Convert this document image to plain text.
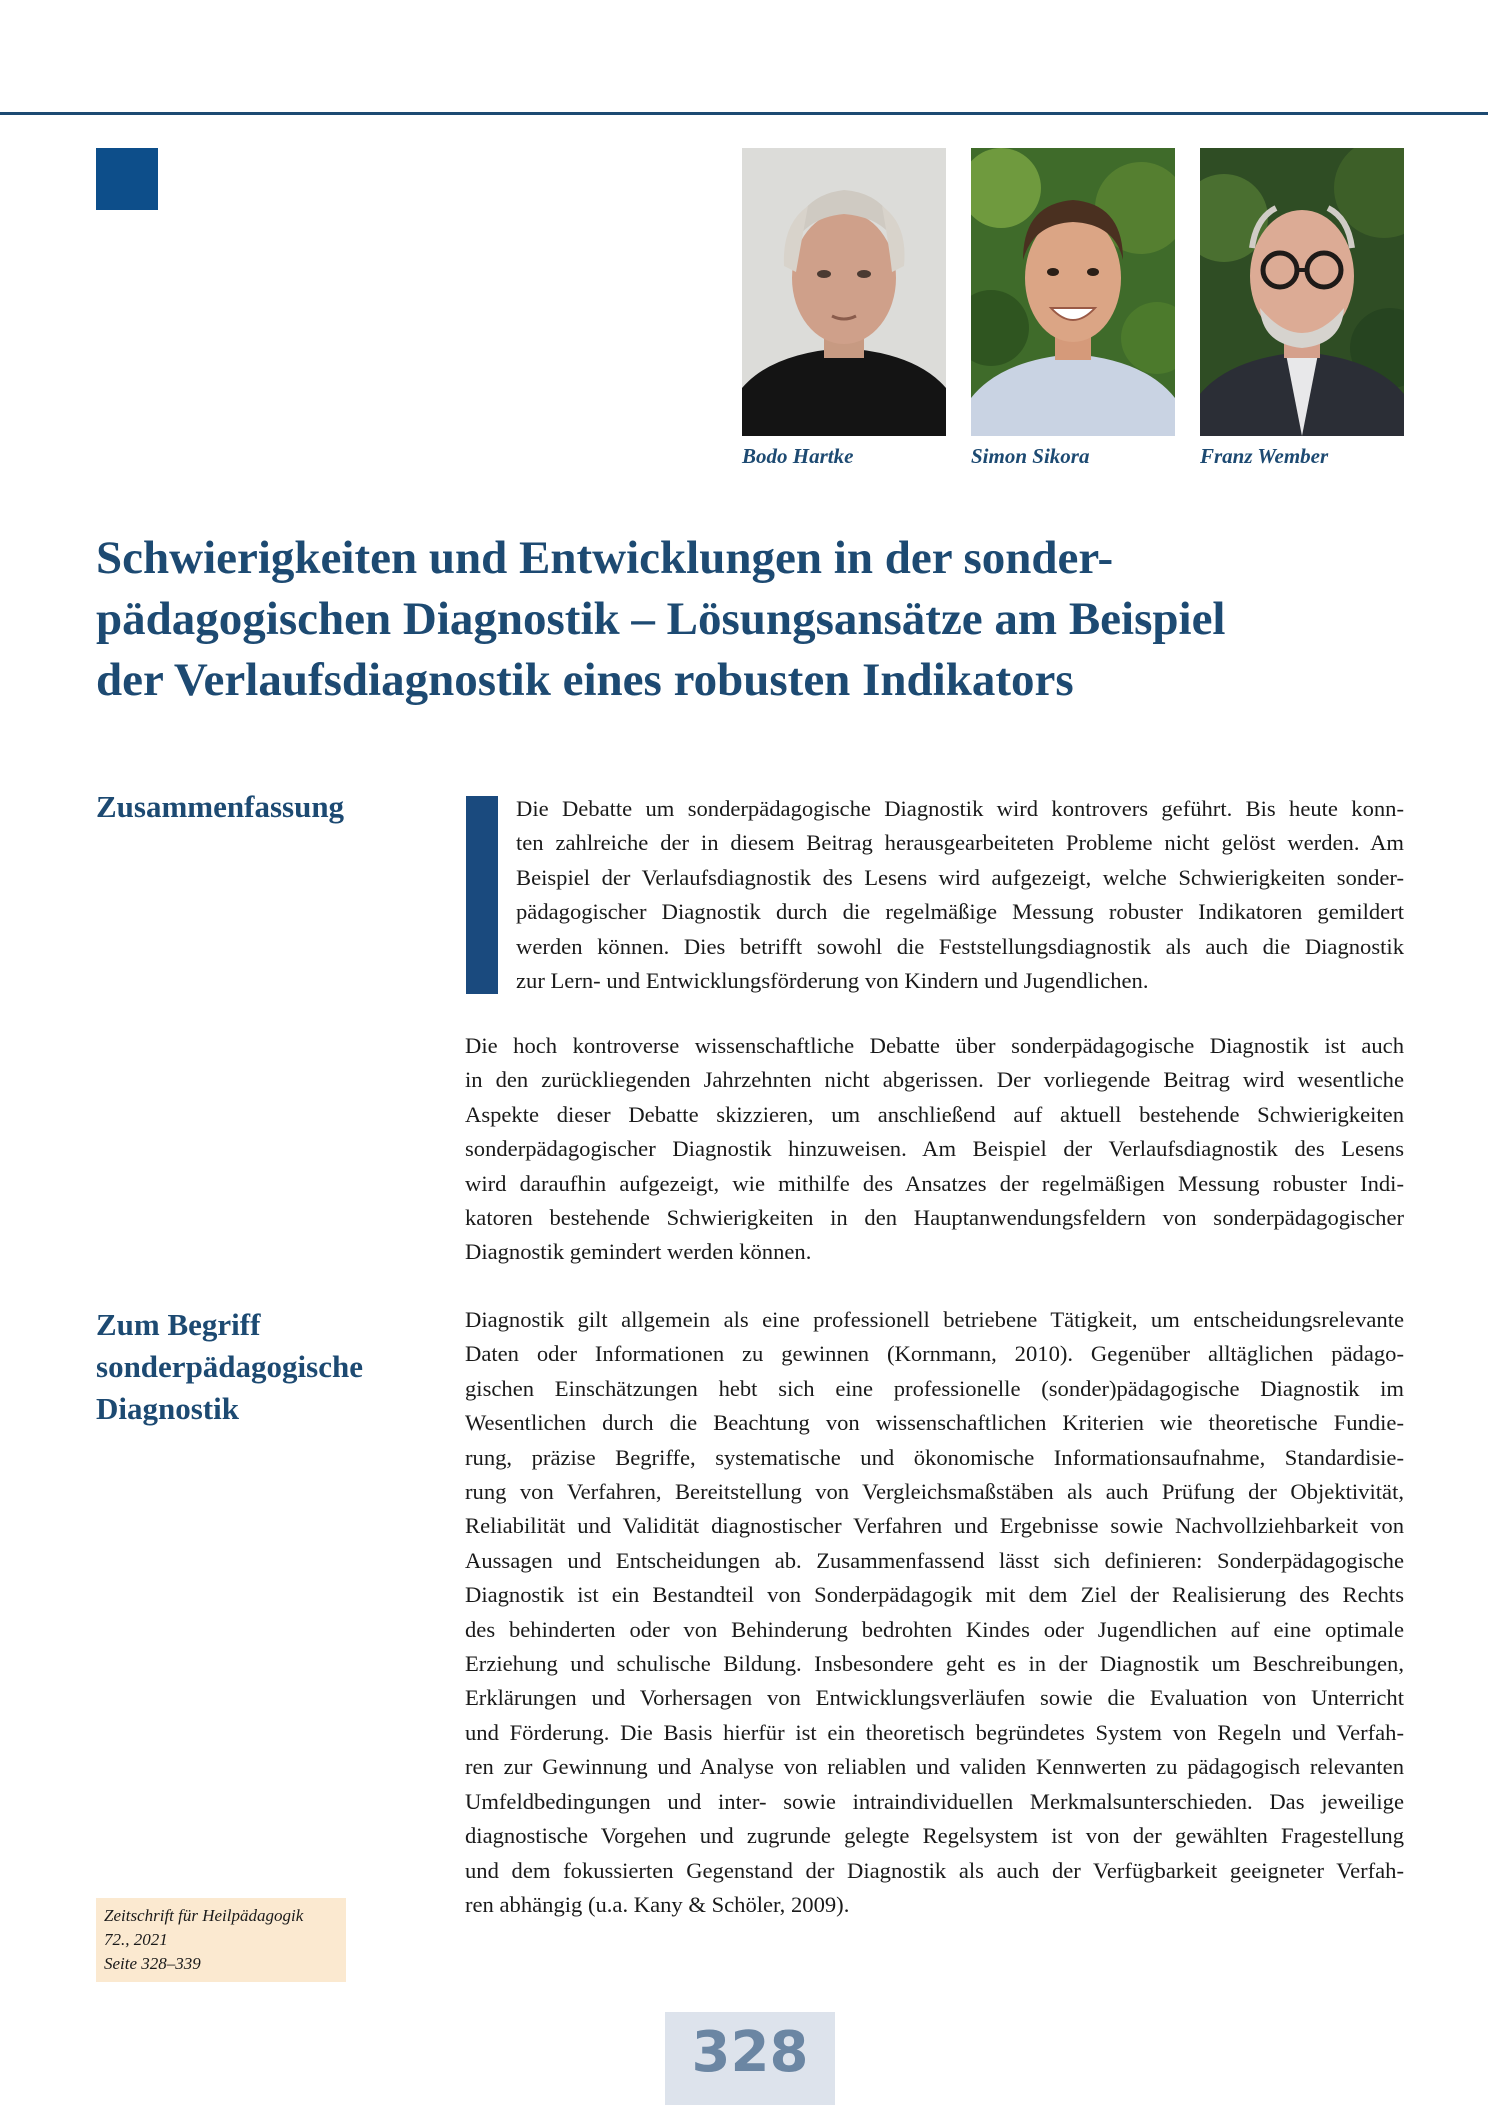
Bodo Hartke	Simon Sikora	Franz Wember
Schwierigkeiten und Entwicklungen in der sonder-
pädagogischen Diagnostik – Lösungsansätze am Beispiel
der Verlaufsdiagnostik eines robusten Indikators
Zusammenfassung	Die Debatte um sonderpädagogische Diagnostik wird kontrovers geführt. Bis heute konn-
ten zahlreiche der in diesem Beitrag herausgearbeiteten Probleme nicht gelöst werden. Am
Beispiel der Verlaufsdiagnostik des Lesens wird aufgezeigt, welche Schwierigkeiten sonder-
pädagogischer Diagnostik durch die regelmäßige Messung robuster Indikatoren gemildert
werden können. Dies betrifft sowohl die Feststellungsdiagnostik als auch die Diagnostik
zur Lern- und Entwicklungsförderung von Kindern und Jugendlichen.
Die hoch kontroverse wissenschaftliche Debatte über sonderpädagogische Diagnostik ist auch
in den zurückliegenden Jahrzehnten nicht abgerissen. Der vorliegende Beitrag wird wesentliche
Aspekte dieser Debatte skizzieren, um anschließend auf aktuell bestehende Schwierigkeiten
sonderpädagogischer Diagnostik hinzuweisen. Am Beispiel der Verlaufsdiagnostik des Lesens
wird daraufhin aufgezeigt, wie mithilfe des Ansatzes der regelmäßigen Messung robuster Indi-
katoren bestehende Schwierigkeiten in den Hauptanwendungsfeldern von sonderpädagogischer
Diagnostik gemindert werden können.
Zum Begriff
sonderpädagogische
Diagnostik
Diagnostik gilt allgemein als eine professionell betriebene Tätigkeit, um entscheidungsrelevante
Daten oder Informationen zu gewinnen (Kornmann, 2010). Gegenüber alltäglichen pädago-
gischen Einschätzungen hebt sich eine professionelle (sonder)pädagogische Diagnostik im
Wesentlichen durch die Beachtung von wissenschaftlichen Kriterien wie theoretische Fundie-
rung, präzise Begriffe, systematische und ökonomische Informationsaufnahme, Standardisie-
rung von Verfahren, Bereitstellung von Vergleichsmaßstäben als auch Prüfung der Objektivität,
Reliabilität und Validität diagnostischer Verfahren und Ergebnisse sowie Nachvollziehbarkeit von
Aussagen und Entscheidungen ab. Zusammenfassend lässt sich definieren: Sonderpädagogische
Diagnostik ist ein Bestandteil von Sonderpädagogik mit dem Ziel der Realisierung des Rechts
des behinderten oder von Behinderung bedrohten Kindes oder Jugendlichen auf eine optimale
Erziehung und schulische Bildung. Insbesondere geht es in der Diagnostik um Beschreibungen,
Erklärungen und Vorhersagen von Entwicklungsverläufen sowie die Evaluation von Unterricht
und Förderung. Die Basis hierfür ist ein theoretisch begründetes System von Regeln und Verfah-
ren zur Gewinnung und Analyse von reliablen und validen Kennwerten zu pädagogisch relevanten
Umfeldbedingungen und inter- sowie intraindividuellen Merkmalsunterschieden. Das jeweilige
diagnostische Vorgehen und zugrunde gelegte Regelsystem ist von der gewählten Fragestellung
und dem fokussierten Gegenstand der Diagnostik als auch der Verfügbarkeit geeigneter Verfah-
ren abhängig (u.a. Kany & Schöler, 2009).
Zeitschrift für Heilpädagogik
72., 2021
Seite 328–339
328
